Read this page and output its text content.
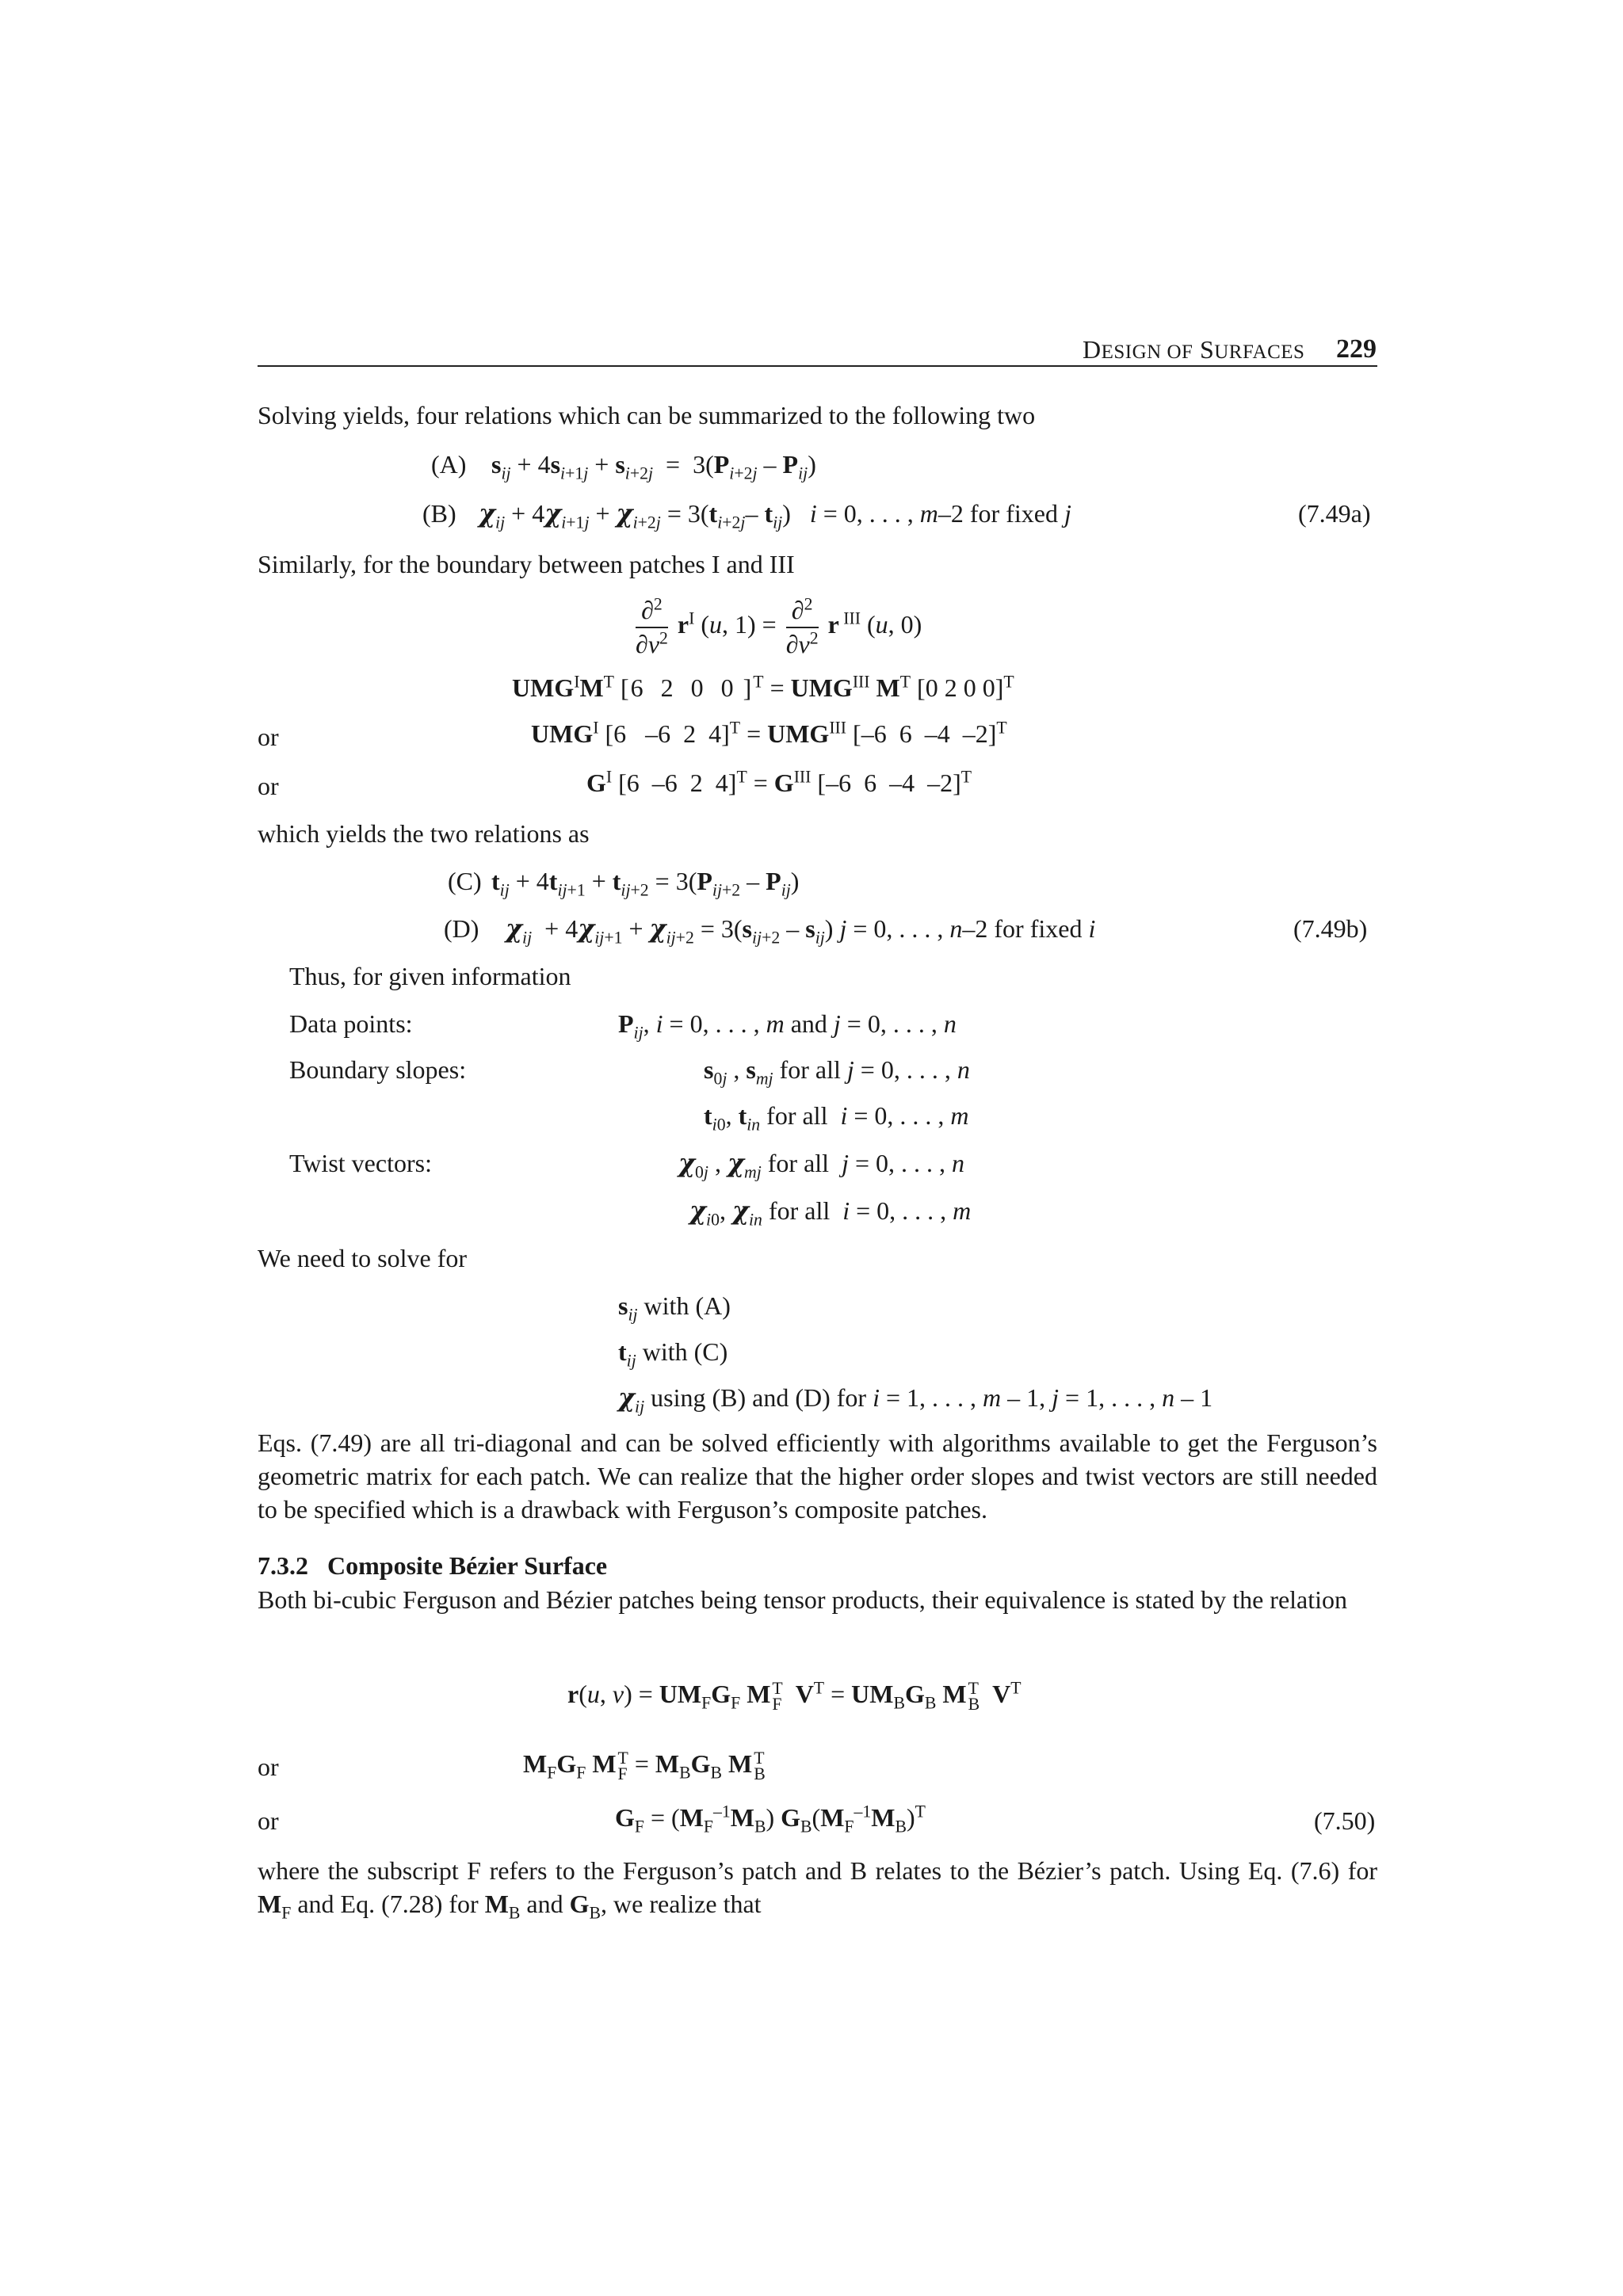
DESIGN OF SURFACES 229
Solving yields, four relations which can be summarized to the following two
(A) $s_{ij} + 4s_{i+1j} + s_{i+2j} = 3(P_{i+2j} - P_{ij})$
(B) $\chi_{ij} + 4\chi_{i+1j} + \chi_{i+2j} = 3(t_{i+2j}-$ $t_{ij}$)   i = 0, . . . , m–2 for fixed j	(7.49a)
Similarly, for the boundary between patches I and III
$\frac{\partial^2}{\partial v^2} r^I$ (u, $1) = \frac{\partial^2}{\partial v^2}$ r $^{III}$ (u, 0)
$UMG^IM^T$ [6  2  0  0 ]$^T = UMG^{III}$ $M^T$ [0 2 0 0]$^T$
or	$UMG^I$ [6   –6  2  $4]^T = UMG^{III}$ [–6  6  –4  –2]$^T$
or	$G^I$ [6  –6  2  $4]^T = G^{III}$ [–6  6  –4  –2]$^T$
which yields the two relations as
(C) $t_{ij} + 4t_{ij+1} + t_{ij+2} = 3(P_{ij+2} - P_{ij})$
(D) $\chi_{ij} + 4\chi_{ij+1} + \chi_{ij+2} = 3(s_{ij+2} - s_{ij}) j = 0$, . . . , n–2 for fixed i	(7.49b)
Thus, for given information
Data points:	$P_{ij}$, i = 0, . . . , m and j = 0, . . . , n
Boundary slopes:	$s_{0j}$ , $s_{mj}$ for all j = 0, . . . , n
$t_{i0}$, $t_{in}$ for all  i = 0, . . . , m
Twist vectors:	$\chi_{0j}$ , $\chi_{mj}$ for all  j = 0, . . . , n
$\chi_{i0}$, $\chi_{in}$ for all  i = 0, . . . , m
We need to solve for
$s_{ij}$ with (A)
$t_{ij}$ with (C)
$\chi_{ij}$ using (B) and (D) for i = 1, . . . , m – 1, j = 1, . . . , n – 1
Eqs. (7.49) are all tri-diagonal and can be solved efficiently with algorithms available to get the Ferguson’s geometric matrix for each patch. We can realize that the higher order slopes and twist vectors are still needed to be specified which is a drawback with Ferguson’s composite patches.
7.3.2 Composite Bézier Surface
Both bi-cubic Ferguson and Bézier patches being tensor products, their equivalence is stated by the relation
r(u, $v) = UM_FG_F$ M T
F $V^T = UM_BG_B$ M T
B $V^T$
or	$M_FG_F$ M T
$F = M_BG_B$ M T
B
or	$G_F = (M_F^{-1}M_B)$ $G_B(M_F^{-1}M_B)^T$	(7.50)
where the subscript F refers to the Ferguson’s patch and B relates to the Bézier’s patch. Using Eq. (7.6) for $M_F$ and Eq. (7.28) for $M_B$ and $G_B$, we realize that
